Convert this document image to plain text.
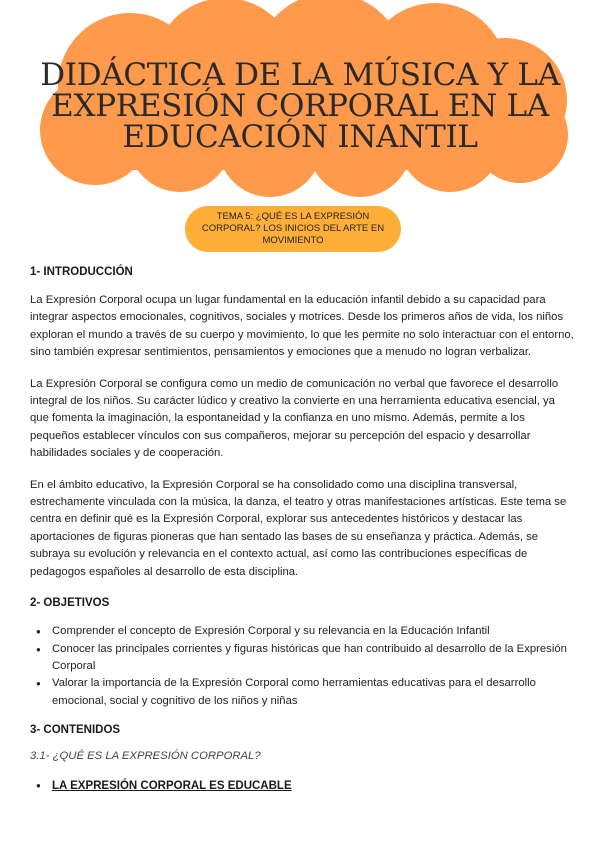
DIDÁCTICA DE LA MÚSICA Y LA EXPRESIÓN CORPORAL EN LA EDUCACIÓN INANTIL
TEMA 5: ¿QUÉ ES LA EXPRESIÓN CORPORAL? LOS INICIOS DEL ARTE EN MOVIMIENTO

1- INTRODUCCIÓN

La Expresión Corporal ocupa un lugar fundamental en la educación infantil debido a su capacidad para integrar aspectos emocionales, cognitivos, sociales y motrices. Desde los primeros años de vida, los niños exploran el mundo a través de su cuerpo y movimiento, lo que les permite no solo interactuar con el entorno, sino también expresar sentimientos, pensamientos y emociones que a menudo no logran verbalizar.

La Expresión Corporal se configura como un medio de comunicación no verbal que favorece el desarrollo integral de los niños. Su carácter lúdico y creativo la convierte en una herramienta educativa esencial, ya que fomenta la imaginación, la espontaneidad y la confianza en uno mismo. Además, permite a los pequeños establecer vínculos con sus compañeros, mejorar su percepción del espacio y desarrollar habilidades sociales y de cooperación.

En el ámbito educativo, la Expresión Corporal se ha consolidado como una disciplina transversal, estrechamente vinculada con la música, la danza, el teatro y otras manifestaciones artísticas. Este tema se centra en definir qué es la Expresión Corporal, explorar sus antecedentes históricos y destacar las aportaciones de figuras pioneras que han sentado las bases de su enseñanza y práctica. Además, se subraya su evolución y relevancia en el contexto actual, así como las contribuciones específicas de pedagogos españoles al desarrollo de esta disciplina.

2- OBJETIVOS

● Comprender el concepto de Expresión Corporal y su relevancia en la Educación Infantil
● Conocer las principales corrientes y figuras históricas que han contribuido al desarrollo de la Expresión Corporal
● Valorar la importancia de la Expresión Corporal como herramientas educativas para el desarrollo emocional, social y cognitivo de los niños y niñas

3- CONTENIDOS

3.1- ¿QUÉ ES LA EXPRESIÓN CORPORAL?

● LA EXPRESIÓN CORPORAL ES EDUCABLE
